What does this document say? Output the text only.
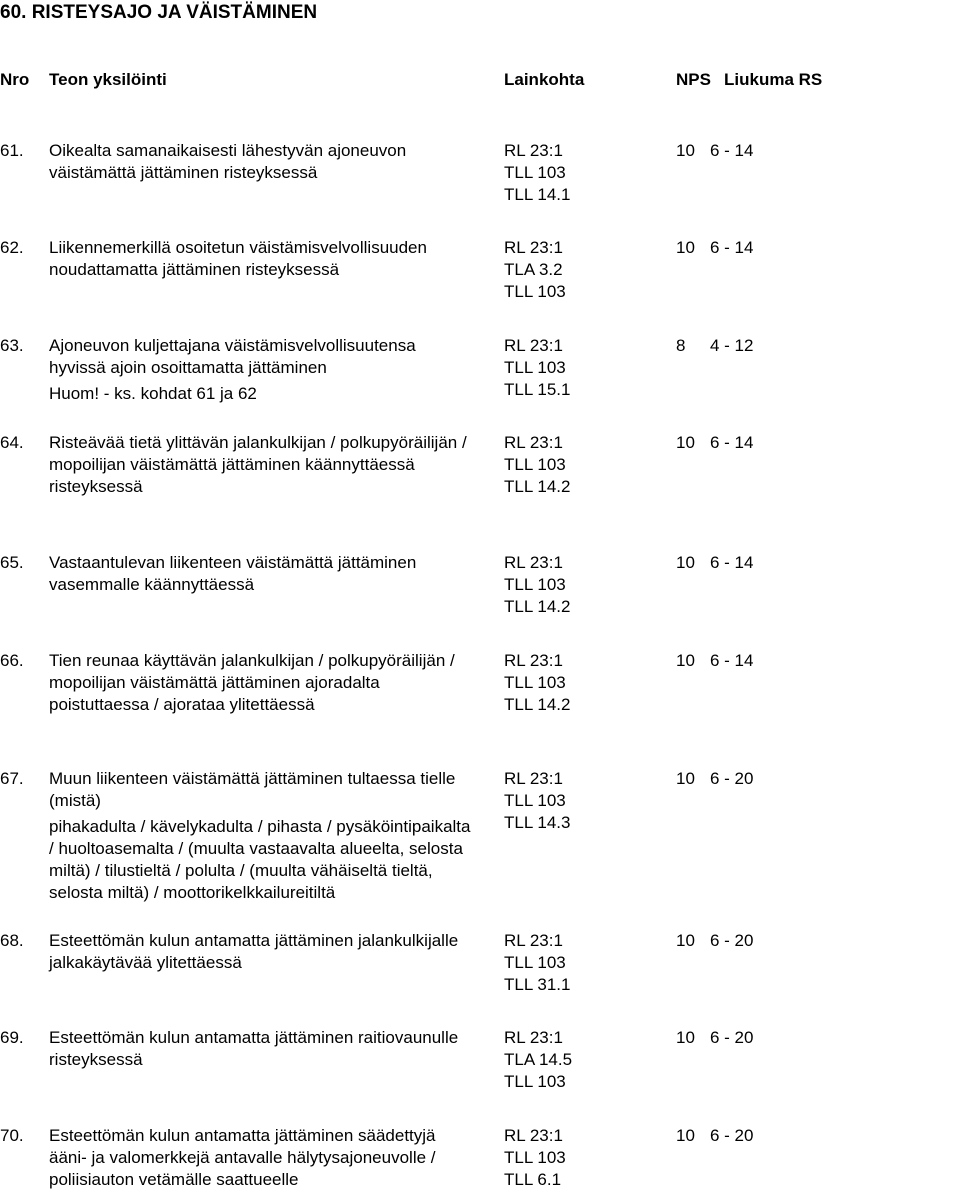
60. RISTEYSAJO JA VÄISTÄMINEN
Nro Teon yksilöinti	Lainkohta	NPS Liukuma RS
61. Oikealta samanaikaisesti lähestyvän ajoneuvon
väistämättä jättäminen risteyksessä
RL 23:1
TLL 103
TLL 14.1
10 6 - 14
62. Liikennemerkillä osoitetun väistämisvelvollisuuden
noudattamatta jättäminen risteyksessä
RL 23:1
TLA 3.2
TLL 103
10 6 - 14
63. Ajoneuvon kuljettajana väistämisvelvollisuutensa
hyvissä ajoin osoittamatta jättäminen
Huom! - ks. kohdat 61 ja 62
RL 23:1
TLL 103
TLL 15.1
8 4 - 12
64. Risteävää tietä ylittävän jalankulkijan / polkupyöräilijän /
mopoilijan väistämättä jättäminen käännyttäessä
risteyksessä
RL 23:1
TLL 103
TLL 14.2
10 6 - 14
65. Vastaantulevan liikenteen väistämättä jättäminen
vasemmalle käännyttäessä
RL 23:1
TLL 103
TLL 14.2
10 6 - 14
66. Tien reunaa käyttävän jalankulkijan / polkupyöräilijän /
mopoilijan väistämättä jättäminen ajoradalta
poistuttaessa / ajorataa ylitettäessä
RL 23:1
TLL 103
TLL 14.2
10 6 - 14
67. Muun liikenteen väistämättä jättäminen tultaessa tielle
(mistä)
pihakadulta / kävelykadulta / pihasta / pysäköintipaikalta
/ huoltoasemalta / (muulta vastaavalta alueelta, selosta
miltä) / tilustieltä / polulta / (muulta vähäiseltä tieltä,
selosta miltä) / moottorikelkkailureitiltä
RL 23:1
TLL 103
TLL 14.3
10 6 - 20
68. Esteettömän kulun antamatta jättäminen jalankulkijalle
jalkakäytävää ylitettäessä
RL 23:1
TLL 103
TLL 31.1
10 6 - 20
69. Esteettömän kulun antamatta jättäminen raitiovaunulle
risteyksessä
RL 23:1
TLA 14.5
TLL 103
10 6 - 20
70. Esteettömän kulun antamatta jättäminen säädettyjä
ääni- ja valomerkkejä antavalle hälytysajoneuvolle /
poliisiauton vetämälle saattueelle
RL 23:1
TLL 103
TLL 6.1
10 6 - 20
